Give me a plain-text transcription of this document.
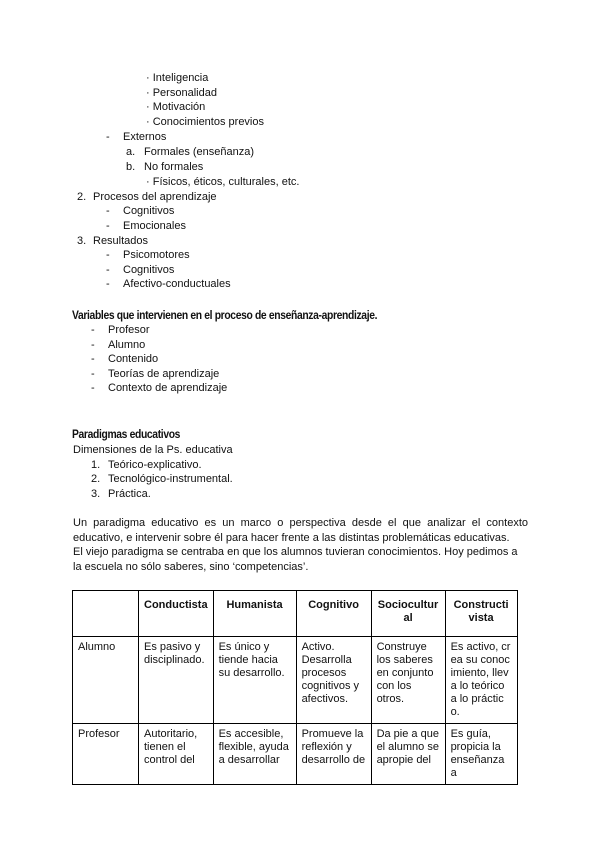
· Inteligencia
· Personalidad
· Motivación
· Conocimientos previos
- Externos
a. Formales (enseñanza)
b. No formales
· Físicos, éticos, culturales, etc.
2. Procesos del aprendizaje
- Cognitivos
- Emocionales
3. Resultados
- Psicomotores
- Cognitivos
- Afectivo-conductuales
Variables que intervienen en el proceso de enseñanza-aprendizaje.
- Profesor
- Alumno
- Contenido
- Teorías de aprendizaje
- Contexto de aprendizaje
Paradigmas educativos
Dimensiones de la Ps. educativa
1. Teórico-explicativo.
2. Tecnológico-instrumental.
3. Práctica.
Un paradigma educativo es un marco o perspectiva desde el que analizar el contexto educativo, e intervenir sobre él para hacer frente a las distintas problemáticas educativas.
El viejo paradigma se centraba en que los alumnos tuvieran conocimientos. Hoy pedimos a la escuela no sólo saberes, sino ‘competencias’.
	Conductista	Humanista	Cognitivo	Sociocultural	Constructivista
Alumno	Es pasivo y disciplinado.	Es único y tiende hacia su desarrollo.	Activo. Desarrolla procesos cognitivos y afectivos.	Construye los saberes en conjunto con los otros.	Es activo, crea su conocimiento, lleva lo teórico a lo práctico.
Profesor	Autoritario, tienen el control del	Es accesible, flexible, ayuda a desarrollar	Promueve la reflexión y desarrollo de	Da pie a que el alumno se apropie del	Es guía, propicia la enseñanza a
